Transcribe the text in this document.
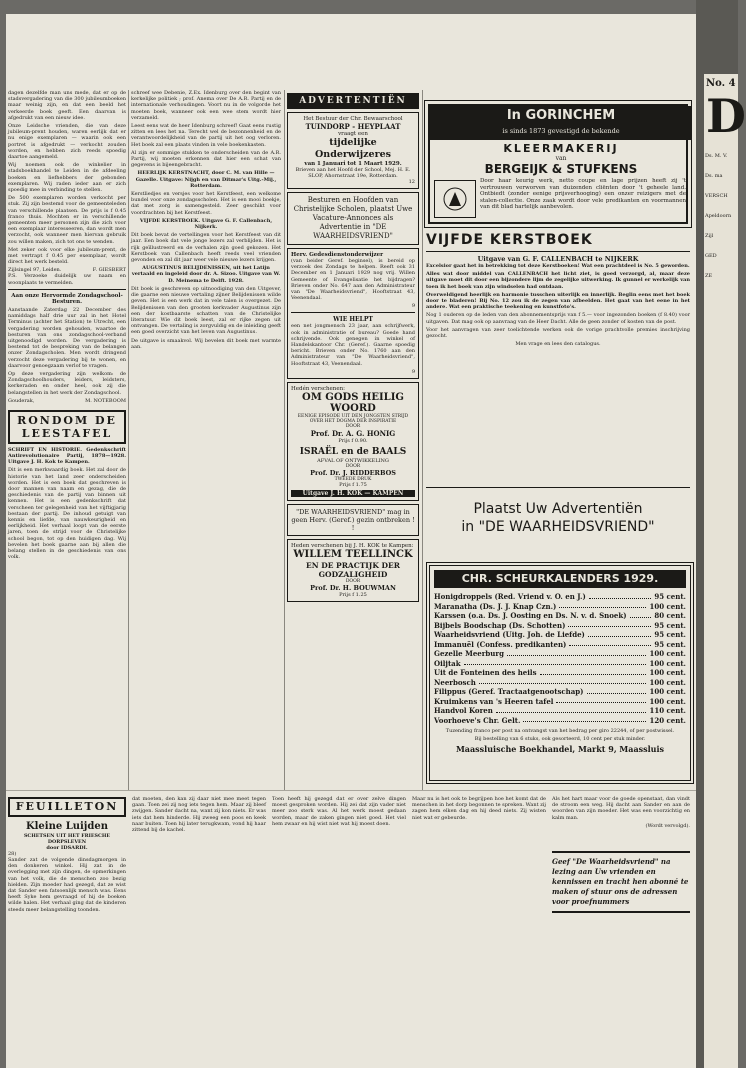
dagen dezelfde man uns mede, dat er op de stadsvergadering van die 300 jubileumboeken maar weinig zijn, en dat een beeld het verkeerde boek geeft. Een daarvan is afgedrukt van een nieuw idee.

Onze Leidsche vrienden, die van deze jubileum-prent houden, waren eerlijk dat er nu enige exemplaren — waarin ook een portret is afgedrukt — verkocht zouden worden, en hebben zich reeds spoedig daartoe aangemeld.

Wij noemen ook de winkelier in stadsboekhandel te Leiden in de afdeeling boeken en liefhebbers der gebonden exemplaren. Wij raden ieder aan er zich spoedig mee in verbinding te stellen.

De 500 exemplaren worden verkocht per stuk. Zij zijn bestemd voor de gemeenteleden van verschillende plaatsen. De prijs is f 0.45 franco thuis. Mochten er in verschillende gemeenten meer personen zijn die zich voor een exemplaar interesseeren, dan wordt men verzocht, ook wanneer men hiervan gebruik zou willen maken, zich tot ons te wenden.

Met zeker ook voor elke jubileum-prent, de met vertrapt f 0.45 per exemplaar, wordt direct het werk besteld.

Zijlsingel 97, Leiden.	F. GIESBERT

P.S. Verzoeke duidelijk uw naam en woonplaats te vermelden.

Aan onze Hervormde Zondagschool-Besturen.

Aanstaande Zaterdag 22 December des namiddags half drie uur zal in het Hotel Terminus (achter het Station) te Utrecht, een vergadering worden gehouden, waartoe de besturen van ons zondagschool-verband uitgenoodigd worden. De vergadering is bestemd tot de bespreking van de belangen onzer Zondagscholen. Men wordt dringend verzocht deze vergadering bij te wonen, en daarvoor genoegzaam verlof te vragen.

Op deze vergadering zijn welkom: de Zondagschoolhouders, leiders, leidsters, kerkeraden en onder heel, ook zij die belangstellen in het werk der Zondagschool.

Gouderak,	M. NOTEBOOM
RONDOM DE LEESTAFEL

SCHRIFT EN HISTORIE. Gedenkschrift Antirevolutionaire Partij, 1878—1928. Uitgave J. H. Kok te Kampen.

Dit is een merkwaardig boek. Het zal door de historie van het land zeer onderscheiden worden. Het is een boek dat geschreven is door mannen van naam en gezag, die de geschiedenis van de partij van binnen uit kennen. Het is een gedenkschrift dat verscheen ter gelegenheid van het vijftigjarig bestaan der partij. De inhoud getuigt van kennis en liefde, van nauwkeurigheid en eerlijkheid. Het verhaal loopt van de eerste jaren, toen de strijd voor de Christelijke school begon, tot op den huidigen dag. Wij bevelen het boek gaarne aan bij allen die belang stellen in de geschiedenis van ons volk.

schreef wee Debenie, Z.Ex. Idenburg over den begint van kerkelijke politiek ; prof. Anema over De A.R. Partij en de internationale verhoudingen. Voort nu in de volgorde het moeten boek, wanneer ook een wee stem wordt hier verzameld.

Leest eens wat de heer Idenburg schreef! Gaat eens rustig zitten en lees het na. Terecht wel de bezonnenheid en de verantwoordelijkheid van de partij uit het oog verloren. Het boek zal een plaats vinden in vele boekenkasten.

Al zijn er sommige stukken te onderscheiden van de A.R. Partij, wij moeten erkennen dat hier een schat van gegevens is bijeengebracht.

HEERLIJK KERSTNACHT, door C. M. van Hille — Gazelle. Uitgave: Nijgh en van Ditmar's Uitg.-Mij., Rotterdam.

Kerstliedjes en versjes voor het Kerstfeest, een welkome bundel voor onze zondagsscholen. Het is een mooi boekje, dat met zorg is samengesteld. Zeer geschikt voor voordrachten bij het Kerstfeest.

VIJFDE KERSTBOEK. Uitgave G. F. Callenbach, Nijkerk.

Dit boek bevat de vertellingen voor het Kerstfeest van dit jaar. Een boek dat vele jonge lezers zal verblijden. Het is rijk geïllustreerd en de verhalen zijn goed gekozen. Het Kerstboek van Callenbach heeft reeds veel vrienden gevonden en zal dit jaar weer vele nieuwe lezers krijgen.

AUGUSTINUS BELIJDENISSEN, uit het Latijn vertaald en ingeleid door dr. A. Sizoo. Uitgave van W. D. Meinema te Delft. 1928.

Dit boek is geschreven op uitnoodiging van den Uitgever, die gaarne een nieuwe vertaling zijner Belijdenissen wilde geven. Het is een werk dat in vele talen is overgezet. De Belijdenissen van den grooten kerkvader Augustinus zijn een der kostbaarste schatten van de Christelijke literatuur. Wie dit boek leest, zal er rijke zegen uit ontvangen. De vertaling is zorgvuldig en de inleiding geeft een goed overzicht van het leven van Augustinus.

De uitgave is smaakvol. Wij bevelen dit boek met warmte aan.

ADVERTENTIËN
Het Bestuur der Chr. Bewaarschool
TUINDORP - HEYPLAAT
vraagt een
tijdelijke Onderwijzeres
van 1 Januari tot 1 Maart 1929.
Brieven aan het Hoofd der School, Mej. H. E. SLOP, Ahornstraat 19e, Rotterdam.
12
Besturen en Hoofden van Christelijke Scholen, plaatst Uwe Vacature-Annonces als Advertentie in "DE WAARHEIDSVRIEND"
Herv. Gedesdienstonderwijzer
(van beider Geref. beginsel), is bereid op verzoek des Zondags te helpen. Reeft ook 31 December en 1 Januari 1929 nog vrij. Willen Gemeente of Evangelisatie het bijdragen? Brieven onder No. 647 aan den Administrateur van "De Waarheidsvriend", Hooftstraat 43, Veenendaal.
9
WIE HELPT
een net jongmensch 23 jaar, aan schrijfwerk, ook in administratie of bureau? Goede hand schrijvende. Ook genegen in winkel of Handelskantoor Chr. (Geref.). Gaarne spoedig bericht. Brieven onder No. 1760 aan den Administrateur van "De Waarheidsvriend", Hooftstraat 43, Veenendaal.
9
Hedén verschenen:
OM GODS HEILIG WOORD
EENIGE EPISODE UIT DEN JONGSTEN STRIJD OVER HET DOGMA DER INSPIRATIE
DOOR
Prof. Dr. A. G. HONIG
Prijs f 0.90.
ISRAËL en de BAALS
AFVAL OF ONTWIKKELING
DOOR
Prof. Dr. J. RIDDERBOS
TWEEDE DRUK
Prijs f 1.75
Uitgave J. H. KOK — KAMPEN
"DE WAARHEIDSVRIEND" mag in geen Herv. (Geref.) gezin ontbreken ! !
Heden verschenen bij J. H. KOK te Kampen:
WILLEM TEELLINCK
EN DE PRACTIJK DER GODZALIGHEID
DOOR
Prof. Dr. H. BOUWMAN
Prijs f 1.25
In GORINCHEM
is sinds 1873 gevestigd de bekende
KLEERMAKERIJ
van
BERGEIJK & STUFKENS
Door haar keurig werk, netto coupe en lage prijzen heeft zij 't vertrouwen verworven van duizenden cliënten door 't geheele land. Ontbiedt (zonder eenige prijsverhooging) een onzer reizigers met de stalen-collectie. Onze zaak wordt door vele predikanten en voormannen van dit blad hartelijk aanbevolen.
VIJFDE KERSTBOEK
Uitgave van G. F. CALLENBACH te NIJKERK

Excelsior gaat het in betrekking tot deze Kerstboeken! Wat een prachtdeel is No. 5 geworden.

Alles wat door middel van CALLENBACH het licht ziet, is goed verzorgd, al, maar deze uitgave moet dit door een bijzondere lijm de zegelijke uitwerking. Ik gunnel er werkelijk van toen ik het boek van zijn windselen had ontdaan.

Overweldigend heerlijk en harmonie tusschen uiterlijk en innerlijk. Beglin eens met het boek door te bladeren! Bij No. 12 zou ik de zegen van afbeelden. Het gaat van het eene in het andere. Wat een praktische teekening en kunstfoto's.

Nog 1 ouderen op de leden van den abonnementsprijs van f 5.— voor ingezonden boeken (f 8.40) voor uitgaven. Dat mag ook op aanvraag van de Heer Dacht. Alle de geen zonder of kosten van de post.

Voor het aanvragen van zeer toelichtende werken ook de vorige prachtvolle premies inschrijving gezocht.

Men vrage en lees den catalogus.

Plaatst Uw Advertentiën
in "DE WAARHEIDSVRIEND"
CHR. SCHEURKALENDERS 1929.
Honigdroppels (Red. Vriend v. O. en J.)	95 cent.
Maranatha (Ds. J. J. Knap Czn.)	100 cent.
Karssen (o.a. Ds. J. Oosting en Ds. N. v. d. Snoek)	80 cent.
Bijbels Boodschap (Ds. Schotten)	95 cent.
Waarheidsvriend (Uitg. Joh. de Liefde)	95 cent.
Immanuël (Confess. predikanten)	95 cent.
Gezelle Meerburg	100 cent.
Oiljtak	100 cent.
Uit de Fonteinen des heils	100 cent.
Neerbosch	100 cent.
Filippus (Geref. Tractaatgenootschap)	100 cent.
Kruimkens van 's Heeren tafel	100 cent.
Handvol Koren	110 cent.
Voorhoeve's Chr. Gelt.	120 cent.

Tuzending franco per post na ontvangst van het bedrag per giro 22244, of per postwissel.

Bij bestelling van 6 stuks, ook gesorteerd, 10 cent per stuk minder.

Maassluische Boekhandel, Markt 9, Maassluis
FEUILLETON
Kleine Luijden
SCHETSEN UIT HET FRIESCHE DORPSLEVEN
door IDSARDI.
28)

Sander zat de volgende dinsdagmorgen in den donkeren winkel. Hij zat in de overlegging met zijn dingen, de opmerkingen van het volk, die de menschen zoo bezig hielden. Zijn moeder had gezegd, dat ze wist dat Sander een fatsoenlijk mensch was. Eens heeft Syke hem gevraagd of hij de boeken wilde halen. Het verhaal ging dat de kinderen steeds meer belangstelling toonden.

dat moeten, den kan zij daar niet mee meet tegen gaan. Toen zei zij nog iets tegen hem. Maar zij bleef zwijgen. Sander dacht na, want zij kon niets. Er was iets dat hem hinderde. Hij zweeg een poos en keek naar buiten. Toen hij later terugkwam, vond hij haar zittend bij de kachel.

Toen heeft hij gezegd dat er over zelve dingen moest gesproken worden. Hij zei dat zijn vader niet meer zoo sterk was. Al het werk moest gedaan worden, maar de zaken gingen niet goed. Het viel hem zwaar en hij wist niet wat hij moest doen.

Maar nu is het ook te begrijpen hoe het komt dat de menschen in het dorp begonnen te spreken. Want zij zagen hem elken dag en hij deed niets. Zij wisten niet wat er gebeurde.

Als het hart maar voor de goede openstaat, dan vindt de stroom een weg. Hij dacht aan Sander en aan de woorden van zijn moeder. Het was een voorzichtig en kalm man.

(Wordt vervolgd).

Geef "De Waarheidsvriend" na lezing aan Uw vrienden en kennissen en tracht hen abonné te maken of stuur ons de adressen voor proefnummers
No. 4
D
Ds. M. V.
Ds. ma
VERSCH
Apeldoorn
Zijl
GED
ZE
